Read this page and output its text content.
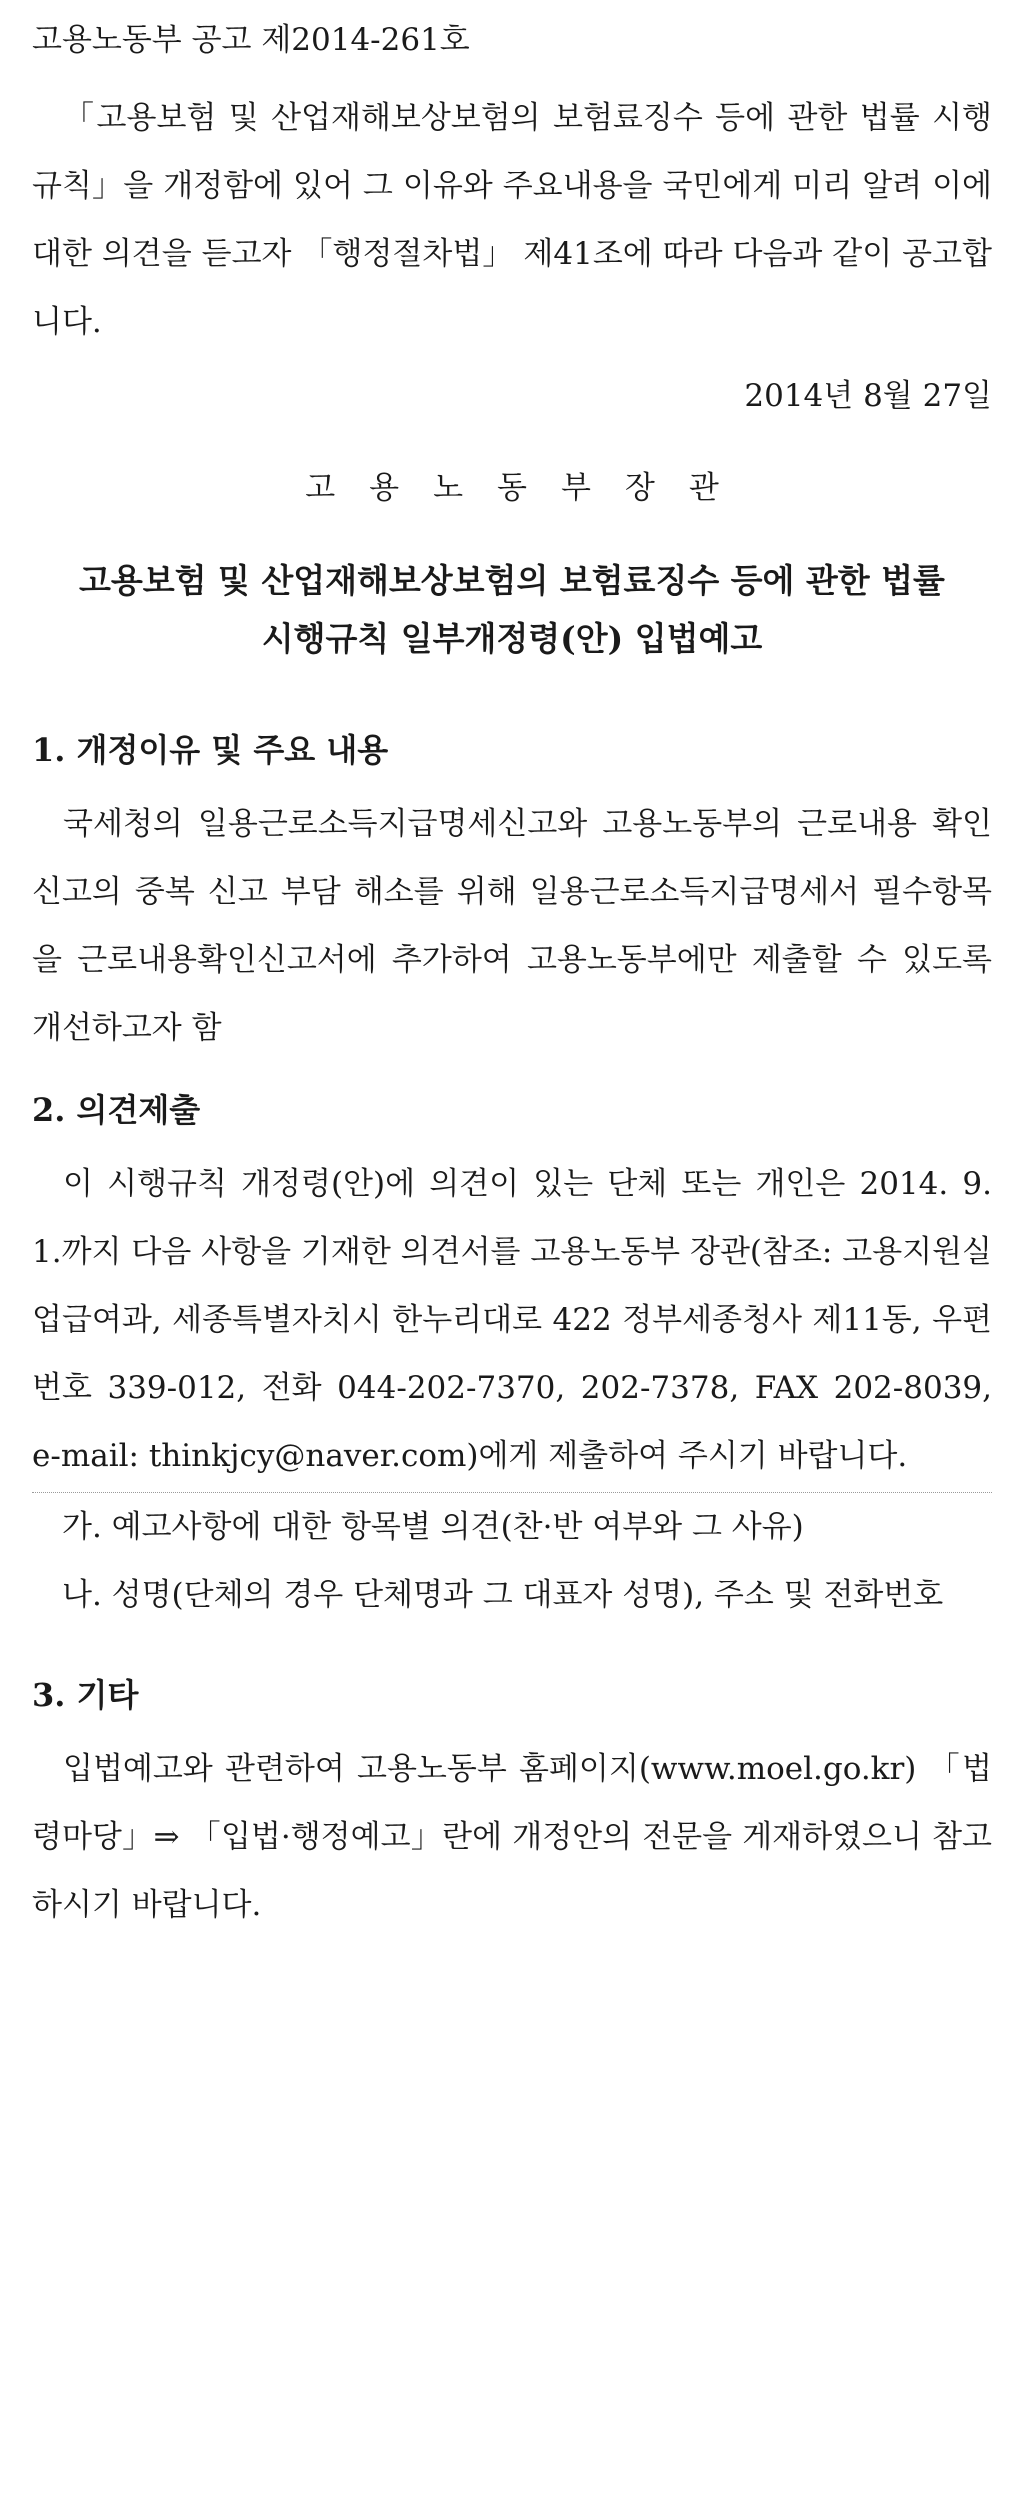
고용노동부 공고 제2014-261호

「고용보험 및 산업재해보상보험의 보험료징수 등에 관한 법률 시행규칙」을 개정함에 있어 그 이유와 주요내용을 국민에게 미리 알려 이에 대한 의견을 듣고자 「행정절차법」 제41조에 따라 다음과 같이 공고합니다.

2014년 8월 27일

고용노동부장관

고용보험 및 산업재해보상보험의 보험료징수 등에 관한 법률
시행규칙 일부개정령(안) 입법예고
1. 개정이유 및 주요 내용

국세청의 일용근로소득지급명세신고와 고용노동부의 근로내용 확인신고의 중복 신고 부담 해소를 위해 일용근로소득지급명세서 필수항목을 근로내용확인신고서에 추가하여 고용노동부에만 제출할 수 있도록 개선하고자 함

2. 의견제출

이 시행규칙 개정령(안)에 의견이 있는 단체 또는 개인은 2014. 9. 1.까지 다음 사항을 기재한 의견서를 고용노동부 장관(참조: 고용지원실업급여과, 세종특별자치시 한누리대로 422 정부세종청사 제11동, 우편번호 339-012, 전화 044-202-7370, 202-7378, FAX 202-8039, e-mail: thinkjcy@naver.com)에게 제출하여 주시기 바랍니다.

가. 예고사항에 대한 항목별 의견(찬·반 여부와 그 사유)
나. 성명(단체의 경우 단체명과 그 대표자 성명), 주소 및 전화번호
3. 기타

입법예고와 관련하여 고용노동부 홈페이지(www.moel.go.kr) 「법령마당」⇒ 「입법·행정예고」란에 개정안의 전문을 게재하였으니 참고하시기 바랍니다.
